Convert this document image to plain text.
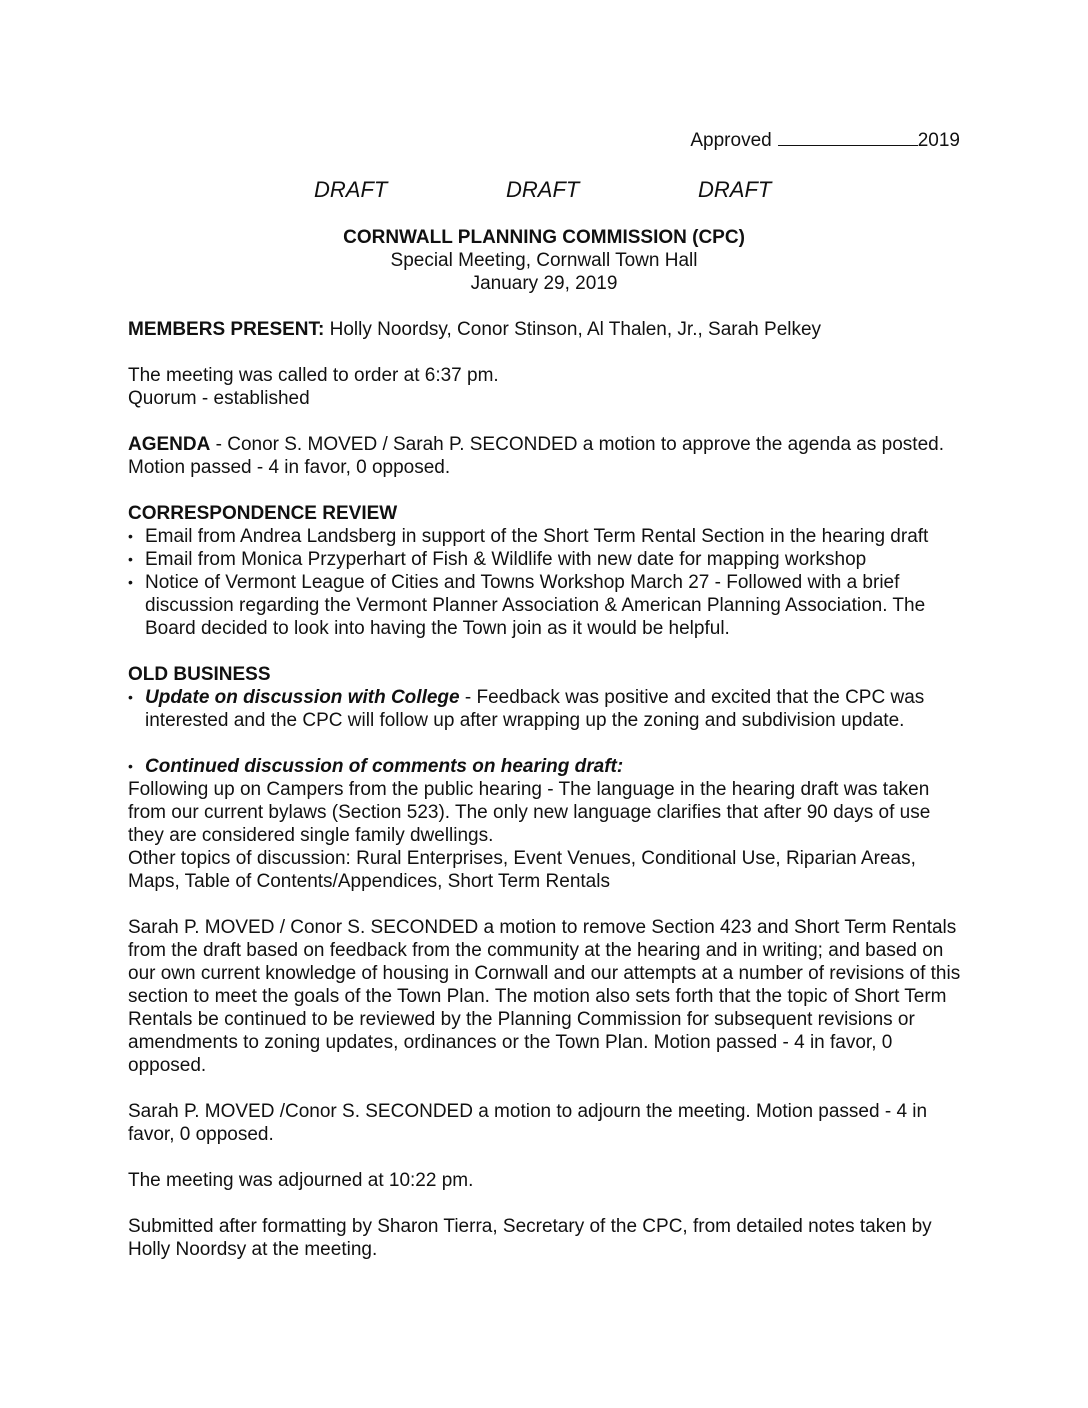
Approved	2019
DRAFT	DRAFT	DRAFT
CORNWALL PLANNING COMMISSION (CPC)
Special Meeting, Cornwall Town Hall
January 29, 2019

MEMBERS PRESENT: Holly Noordsy, Conor Stinson, Al Thalen, Jr., Sarah Pelkey

The meeting was called to order at 6:37 pm.

Quorum - established

AGENDA - Conor S. MOVED / Sarah P. SECONDED a motion to approve the agenda as posted. Motion passed - 4 in favor, 0 opposed.

CORRESPONDENCE REVIEW

• Email from Andrea Landsberg in support of the Short Term Rental Section in the hearing draft
• Email from Monica Przyperhart of Fish & Wildlife with new date for mapping workshop
• Notice of Vermont League of Cities and Towns Workshop March 27 - Followed with a brief discussion regarding the Vermont Planner Association & American Planning Association. The Board decided to look into having the Town join as it would be helpful.

OLD BUSINESS

• Update on discussion with College - Feedback was positive and excited that the CPC was interested and the CPC will follow up after wrapping up the zoning and subdivision update.
• Continued discussion of comments on hearing draft:

Following up on Campers from the public hearing - The language in the hearing draft was taken from our current bylaws (Section 523). The only new language clarifies that after 90 days of use they are considered single family dwellings.

Other topics of discussion: Rural Enterprises, Event Venues, Conditional Use, Riparian Areas, Maps, Table of Contents/Appendices, Short Term Rentals

Sarah P. MOVED / Conor S. SECONDED a motion to remove Section 423 and Short Term Rentals from the draft based on feedback from the community at the hearing and in writing; and based on our own current knowledge of housing in Cornwall and our attempts at a number of revisions of this section to meet the goals of the Town Plan. The motion also sets forth that the topic of Short Term Rentals be continued to be reviewed by the Planning Commission for subsequent revisions or amendments to zoning updates, ordinances or the Town Plan. Motion passed - 4 in favor, 0 opposed.

Sarah P. MOVED /Conor S. SECONDED a motion to adjourn the meeting. Motion passed - 4 in favor, 0 opposed.

The meeting was adjourned at 10:22 pm.

Submitted after formatting by Sharon Tierra, Secretary of the CPC, from detailed notes taken by Holly Noordsy at the meeting.
